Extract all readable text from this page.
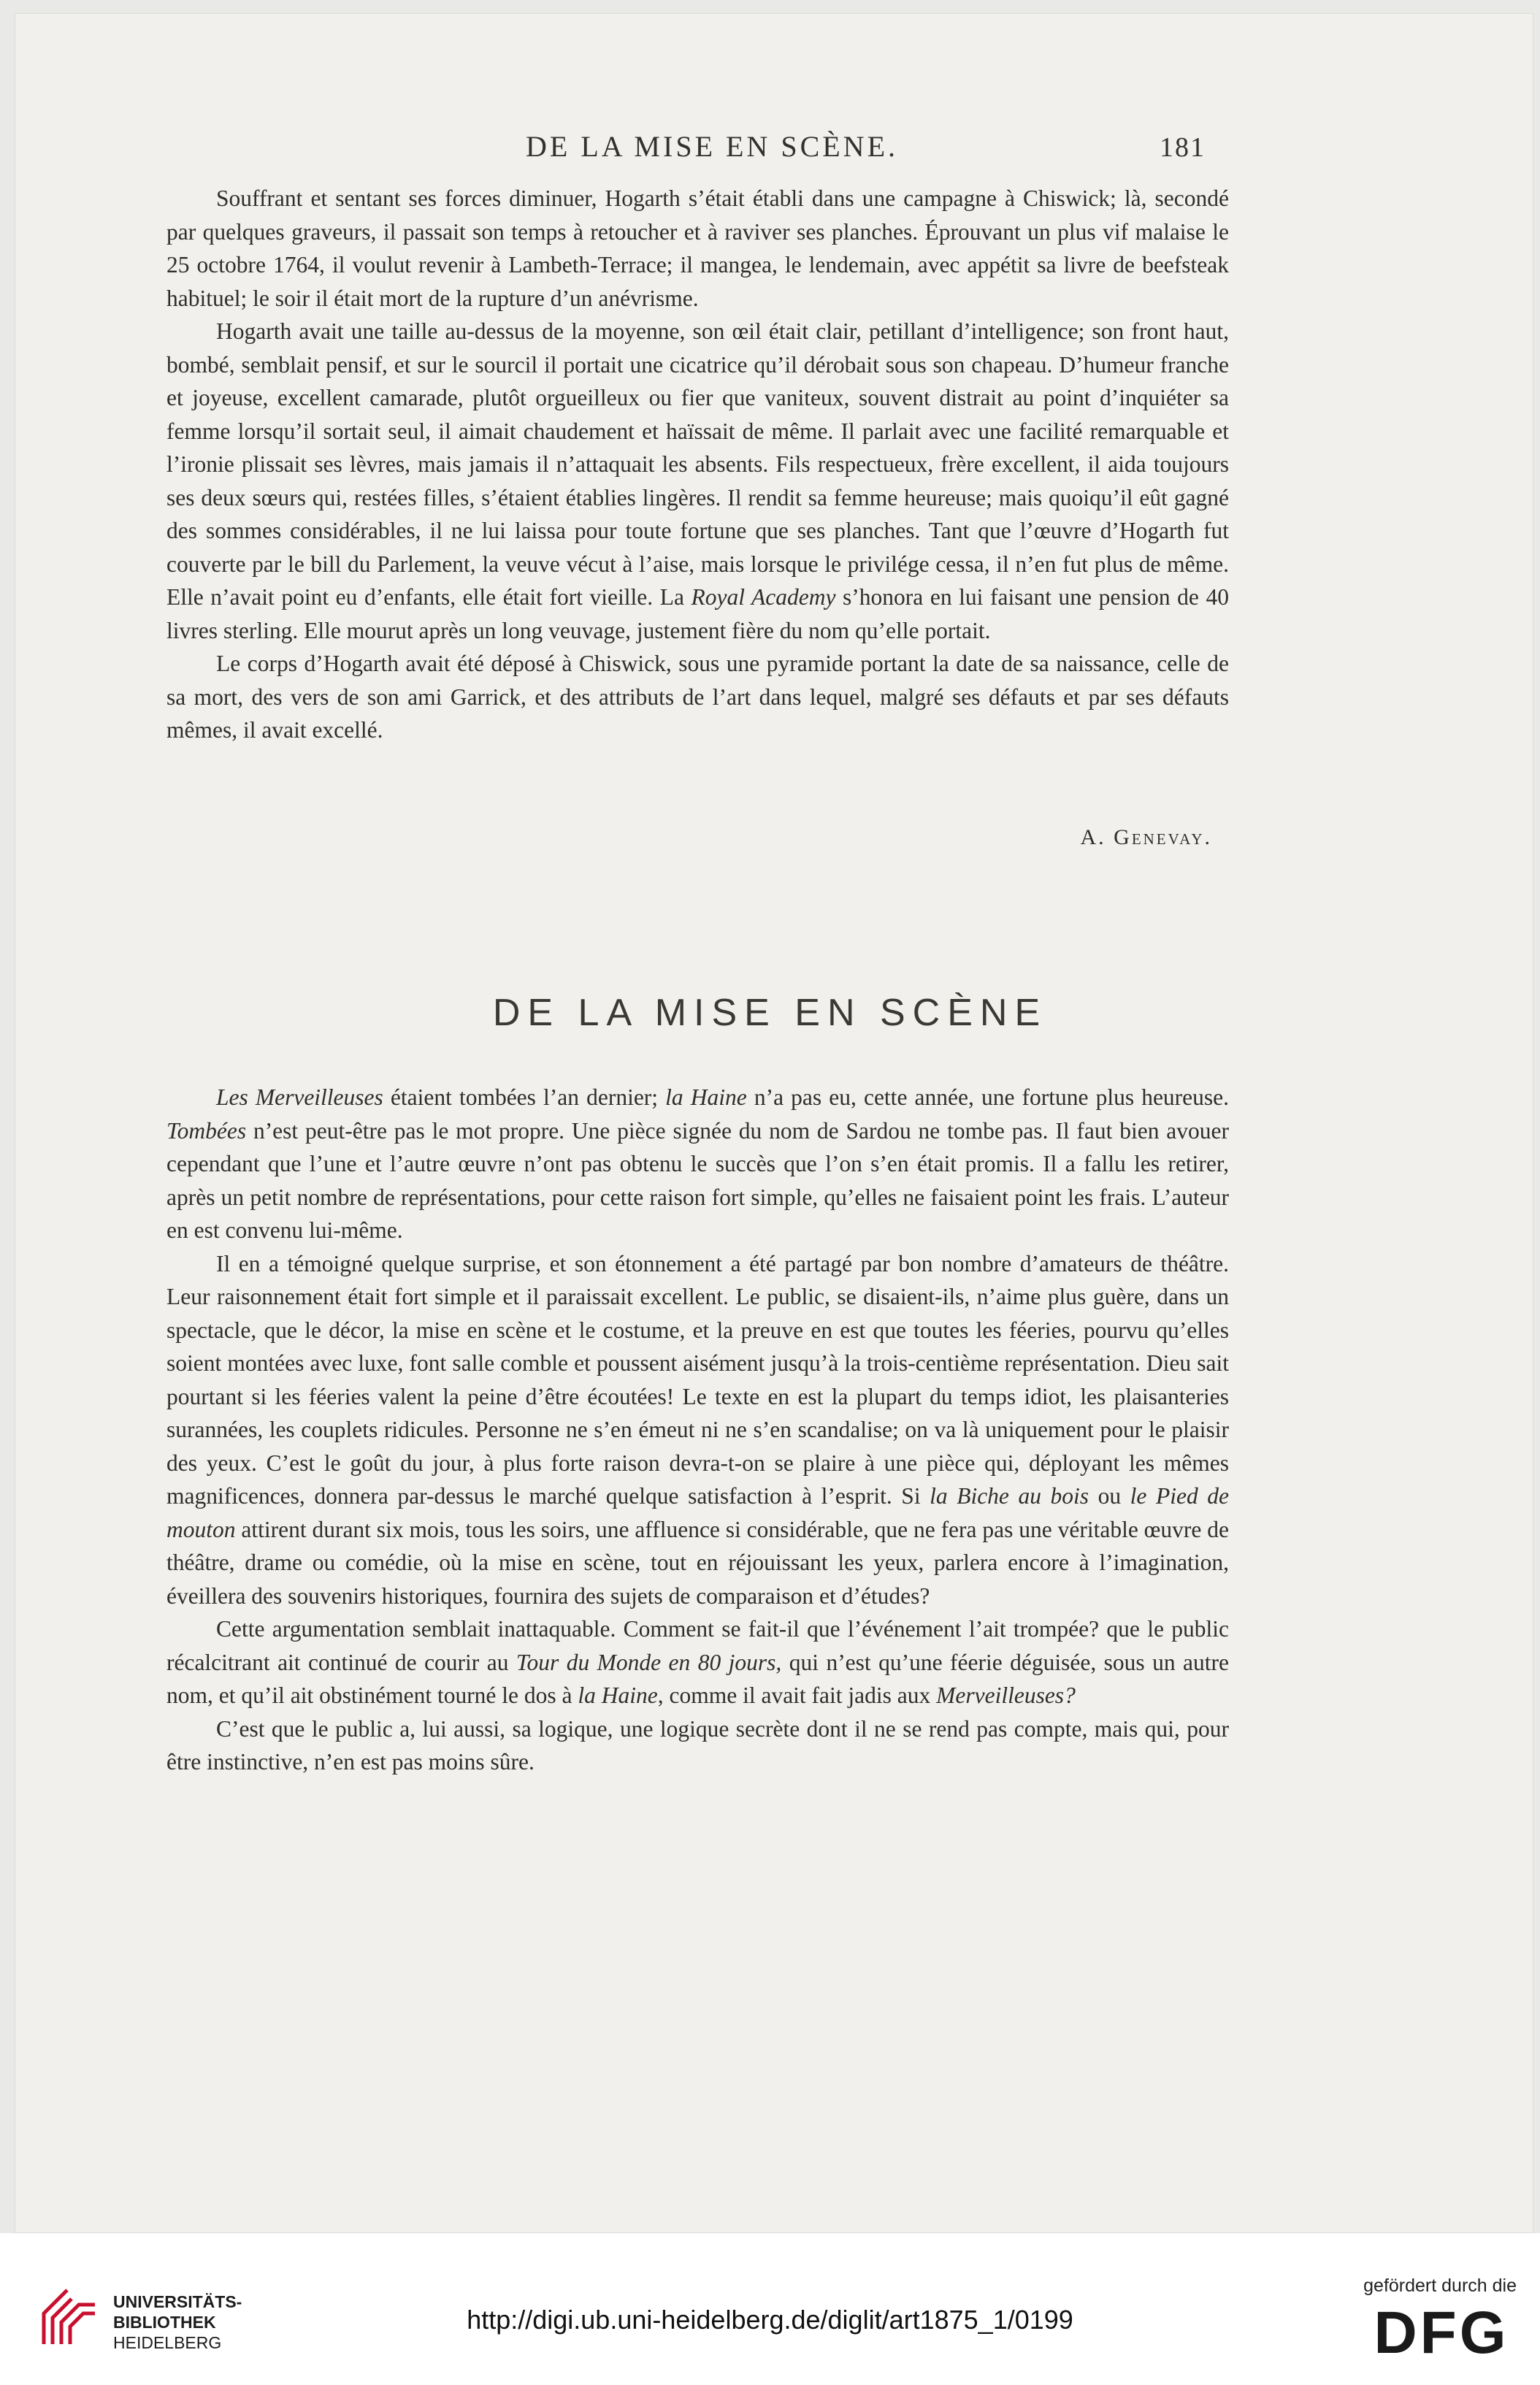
DE LA MISE EN SCÈNE.	181

Souffrant et sentant ses forces diminuer, Hogarth s’était établi dans une campagne à Chiswick; là, secondé par quelques graveurs, il passait son temps à retoucher et à raviver ses planches. Éprouvant un plus vif malaise le 25 octobre 1764, il voulut revenir à Lambeth-Terrace; il mangea, le lendemain, avec appétit sa livre de beefsteak habituel; le soir il était mort de la rupture d’un anévrisme.

Hogarth avait une taille au-dessus de la moyenne, son œil était clair, petillant d’intelligence; son front haut, bombé, semblait pensif, et sur le sourcil il portait une cicatrice qu’il dérobait sous son chapeau. D’humeur franche et joyeuse, excellent camarade, plutôt orgueilleux ou fier que vaniteux, souvent distrait au point d’inquiéter sa femme lorsqu’il sortait seul, il aimait chaudement et haïssait de même. Il parlait avec une facilité remarquable et l’ironie plissait ses lèvres, mais jamais il n’attaquait les absents. Fils respectueux, frère excellent, il aida toujours ses deux sœurs qui, restées filles, s’étaient établies lingères. Il rendit sa femme heureuse; mais quoiqu’il eût gagné des sommes considérables, il ne lui laissa pour toute fortune que ses planches. Tant que l’œuvre d’Hogarth fut couverte par le bill du Parlement, la veuve vécut à l’aise, mais lorsque le privilége cessa, il n’en fut plus de même. Elle n’avait point eu d’enfants, elle était fort vieille. La Royal Academy s’honora en lui faisant une pension de 40 livres sterling. Elle mourut après un long veuvage, justement fière du nom qu’elle portait.

Le corps d’Hogarth avait été déposé à Chiswick, sous une pyramide portant la date de sa naissance, celle de sa mort, des vers de son ami Garrick, et des attributs de l’art dans lequel, malgré ses défauts et par ses défauts mêmes, il avait excellé.

A. Genevay.
DE LA MISE EN SCÈNE

Les Merveilleuses étaient tombées l’an dernier; la Haine n’a pas eu, cette année, une fortune plus heureuse. Tombées n’est peut-être pas le mot propre. Une pièce signée du nom de Sardou ne tombe pas. Il faut bien avouer cependant que l’une et l’autre œuvre n’ont pas obtenu le succès que l’on s’en était promis. Il a fallu les retirer, après un petit nombre de représentations, pour cette raison fort simple, qu’elles ne faisaient point les frais. L’auteur en est convenu lui-même.

Il en a témoigné quelque surprise, et son étonnement a été partagé par bon nombre d’amateurs de théâtre. Leur raisonnement était fort simple et il paraissait excellent. Le public, se disaient-ils, n’aime plus guère, dans un spectacle, que le décor, la mise en scène et le costume, et la preuve en est que toutes les féeries, pourvu qu’elles soient montées avec luxe, font salle comble et poussent aisément jusqu’à la trois-centième représentation. Dieu sait pourtant si les féeries valent la peine d’être écoutées! Le texte en est la plupart du temps idiot, les plaisanteries surannées, les couplets ridicules. Personne ne s’en émeut ni ne s’en scandalise; on va là uniquement pour le plaisir des yeux. C’est le goût du jour, à plus forte raison devra-t-on se plaire à une pièce qui, déployant les mêmes magnificences, donnera par-dessus le marché quelque satisfaction à l’esprit. Si la Biche au bois ou le Pied de mouton attirent durant six mois, tous les soirs, une affluence si considérable, que ne fera pas une véritable œuvre de théâtre, drame ou comédie, où la mise en scène, tout en réjouissant les yeux, parlera encore à l’imagination, éveillera des souvenirs historiques, fournira des sujets de comparaison et d’études?

Cette argumentation semblait inattaquable. Comment se fait-il que l’événement l’ait trompée? que le public récalcitrant ait continué de courir au Tour du Monde en 80 jours, qui n’est qu’une féerie déguisée, sous un autre nom, et qu’il ait obstinément tourné le dos à la Haine, comme il avait fait jadis aux Merveilleuses?

C’est que le public a, lui aussi, sa logique, une logique secrète dont il ne se rend pas compte, mais qui, pour être instinctive, n’en est pas moins sûre.

UNIVERSITÄTS-
BIBLIOTHEK
HEIDELBERG
http://digi.ub.uni-heidelberg.de/diglit/art1875_1/0199
gefördert durch die
DFG
